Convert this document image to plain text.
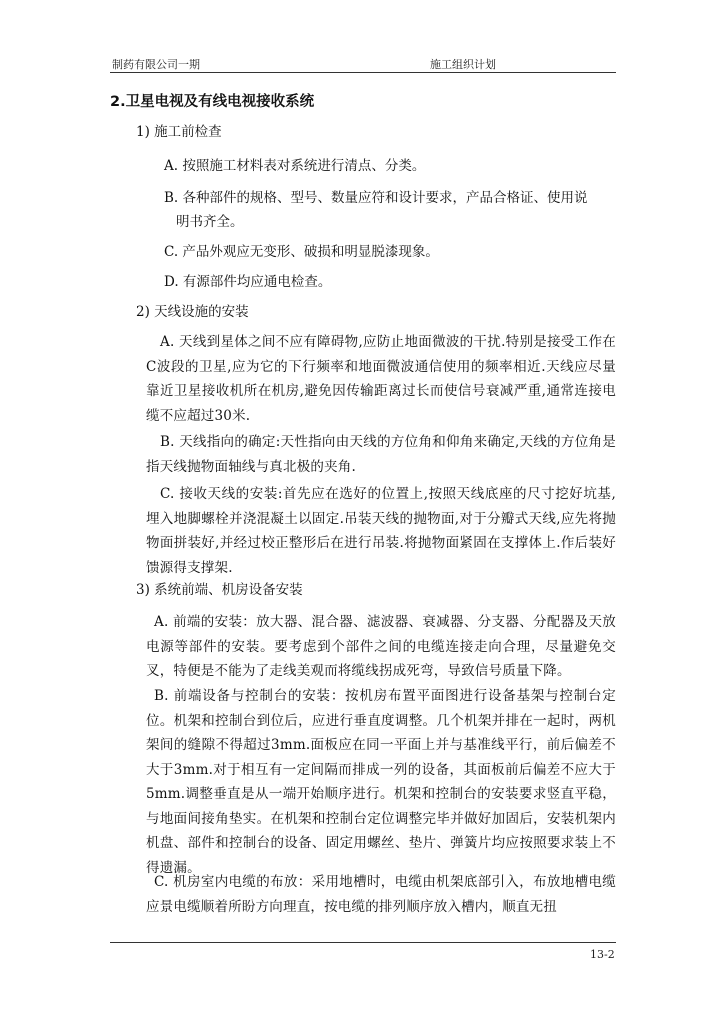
制药有限公司一期	施工组织计划
2.卫星电视及有线电视接收系统
1) 施工前检查
A. 按照施工材料表对系统进行清点、分类。
B. 各种部件的规格、型号、数量应符和设计要求，产品合格证、使用说
明书齐全。
C. 产品外观应无变形、破损和明显脱漆现象。
D. 有源部件均应通电检查。
2) 天线设施的安装
A. 天线到星体之间不应有障碍物,应防止地面微波的干扰.特别是接受工作在C波段的卫星,应为它的下行频率和地面微波通信使用的频率相近.天线应尽量靠近卫星接收机所在机房,避免因传输距离过长而使信号衰减严重,通常连接电缆不应超过30米.
B. 天线指向的确定:天性指向由天线的方位角和仰角来确定,天线的方位角是指天线抛物面轴线与真北极的夹角.
C. 接收天线的安装:首先应在选好的位置上,按照天线底座的尺寸挖好坑基,埋入地脚螺栓并浇混凝土以固定.吊装天线的抛物面,对于分瓣式天线,应先将抛物面拼装好,并经过校正整形后在进行吊装.将抛物面紧固在支撑体上.作后装好馈源得支撑架.
3) 系统前端、机房设备安装
A. 前端的安装：放大器、混合器、滤波器、衰减器、分支器、分配器及天放电源等部件的安装。要考虑到个部件之间的电缆连接走向合理，尽量避免交叉，特便是不能为了走线美观而将缆线拐成死弯，导致信号质量下降。
B. 前端设备与控制台的安装：按机房布置平面图进行设备基架与控制台定位。机架和控制台到位后，应进行垂直度调整。几个机架并排在一起时，两机架间的缝隙不得超过3mm.面板应在同一平面上并与基准线平行，前后偏差不大于3mm.对于相互有一定间隔而排成一列的设备，其面板前后偏差不应大于5mm.调整垂直是从一端开始顺序进行。机架和控制台的安装要求竖直平稳，与地面间接角垫实。在机架和控制台定位调整完毕并做好加固后，安装机架内机盘、部件和控制台的设备、固定用螺丝、垫片、弹簧片均应按照要求装上不得遗漏。
C. 机房室内电缆的布放：采用地槽时，电缆由机架底部引入，布放地槽电缆应景电缆顺着所盼方向理直，按电缆的排列顺序放入槽内，顺直无扭
13-2
